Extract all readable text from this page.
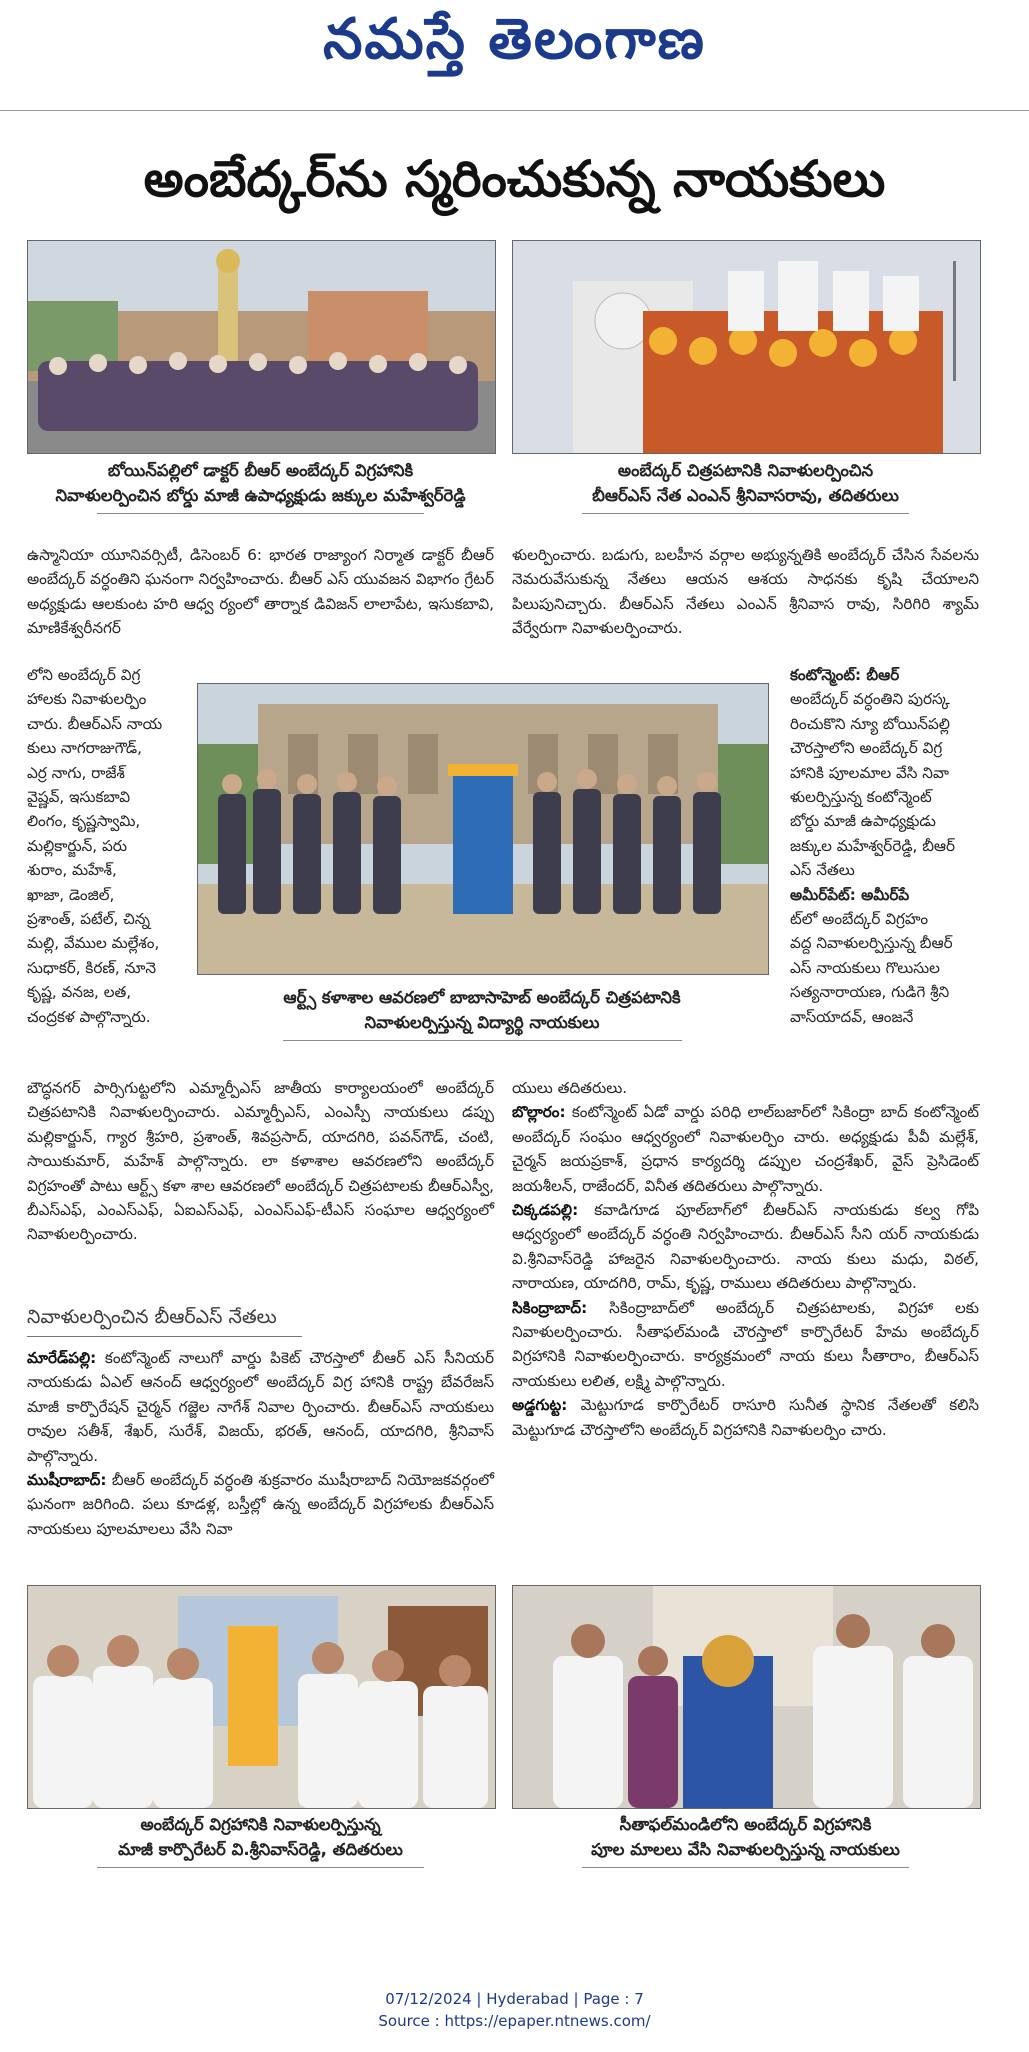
నమస్తే తెలంగాణ
అంబేద్కర్‌ను స్మరించుకున్న నాయకులు
బోయిన్‌పల్లిలో డాక్టర్ బీఆర్ అంబేద్కర్ విగ్రహానికి
నివాళులర్పించిన బోర్డు మాజీ ఉపాధ్యక్షుడు జక్కుల మహేశ్వర్‌రెడ్డి
అంబేద్కర్ చిత్రపటానికి నివాళులర్పించిన
బీఆర్‌ఎస్ నేత ఎంఎన్ శ్రీనివాసరావు, తదితరులు

ఉస్మానియా యూనివర్సిటీ, డిసెంబర్ 6: భారత రాజ్యాంగ నిర్మాత డాక్టర్ బీఆర్ అంబేద్కర్ వర్ధంతిని ఘనంగా నిర్వహించారు. బీఆర్ ఎస్ యువజన విభాగం గ్రేటర్ అధ్యక్షుడు ఆలకుంట హరి ఆధ్వ ర్యంలో తార్నాక డివిజన్ లాలాపేట, ఇసుకబావి, మాణికేశ్వరీనగర్

ళులర్పించారు. బడుగు, బలహీన వర్గాల అభ్యున్నతికి అంబేద్కర్ చేసిన సేవలను నెమరువేసుకున్న నేతలు ఆయన ఆశయ సాధనకు కృషి చేయాలని పిలుపునిచ్చారు. బీఆర్‌ఎస్ నేతలు ఎంఎన్ శ్రీనివాస రావు, సిరిగిరి శ్యామ్ వేర్వేరుగా నివాళులర్పించారు.

లోని అంబేద్కర్ విగ్ర
హాలకు నివాళులర్పిం
చారు. బీఆర్‌ఎస్ నాయ
కులు నాగరాజుగౌడ్,
ఎర్ర నాగు, రాజేశ్
వైష్ణవ్, ఇసుకబావి
లింగం, కృష్ణస్వామి,
మల్లికార్జున్, పరు
శురాం, మహేశ్,
ఖాజా, డెంజిల్,
ప్రశాంత్, పటేల్, చిన్న
మల్లి, వేముల మల్లేశం,
సుధాకర్, కిరణ్, నూనె
కృష్ణ, వనజ, లత,
చంద్రకళ పాల్గొన్నారు.
కంటోన్మెంట్: బీఆర్
అంబేద్కర్ వర్ధంతిని పురస్క
రించుకొని న్యూ బోయిన్‌పల్లి
చౌరస్తాలోని అంబేద్కర్ విగ్ర
హానికి పూలమాల వేసి నివా
ళులర్పిస్తున్న కంటోన్మెంట్
బోర్డు మాజీ ఉపాధ్యక్షుడు
జక్కుల మహేశ్వర్‌రెడ్డి, బీఆర్
ఎస్ నేతలు
అమీర్‌పేట్: అమీర్‌పే
ట్‌లో అంబేద్కర్ విగ్రహం
వద్ద నివాళులర్పిస్తున్న బీఆర్
ఎస్ నాయకులు గొలుసుల
సత్యనారాయణ, గుడిగె శ్రీని
వాస్‌యాదవ్, ఆంజనే
ఆర్ట్స్ కళాశాల ఆవరణలో బాబాసాహెబ్ అంబేద్కర్ చిత్రపటానికి
నివాళులర్పిస్తున్న విద్యార్థి నాయకులు

బౌద్ధనగర్ పార్సిగుట్టలోని ఎమ్మార్పీఎస్ జాతీయ కార్యాలయంలో అంబేద్కర్ చిత్రపటానికి నివాళులర్పించారు. ఎమ్మార్పీఎస్, ఎంఎస్పీ నాయకులు డప్పు మల్లికార్జున్, గ్యార శ్రీహరి, ప్రశాంత్, శివప్రసాద్, యాదగిరి, పవన్‌గౌడ్, చంటి, సాయికుమార్, మహేశ్ పాల్గొన్నారు. లా కళాశాల ఆవరణలోని అంబేద్కర్ విగ్రహంతో పాటు ఆర్ట్స్ కళా శాల ఆవరణలో అంబేద్కర్ చిత్రపటాలకు బీఆర్‌ఎస్వీ, బీఎస్‌ఎఫ్, ఎంఎస్‌ఎఫ్, ఏఐఎస్‌ఎఫ్, ఎంఎస్‌ఎఫ్-టీఎస్ సంఘాల ఆధ్వర్యంలో నివాళులర్పించారు.

యులు తదితరులు.

బొల్లారం: కంటోన్మెంట్ ఏడో వార్డు పరిధి లాల్‌బజార్‌లో సికింద్రా బాద్ కంటోన్మెంట్ అంబేద్కర్ సంఘం ఆధ్వర్యంలో నివాళులర్పిం చారు. అధ్యక్షుడు పీవీ మల్లేశ్, చైర్మన్ జయప్రకాశ్, ప్రధాన కార్యదర్శి డప్పుల చంద్రశేఖర్, వైస్ ప్రెసిడెంట్ జయశీలన్, రాజేందర్, వినీత తదితరులు పాల్గొన్నారు.

చిక్కడపల్లి: కవాడిగూడ పూల్‌బాగ్‌లో బీఆర్‌ఎస్ నాయకుడు కల్వ గోపి ఆధ్వర్యంలో అంబేద్కర్ వర్ధంతి నిర్వహించారు. బీఆర్‌ఎస్ సీని యర్ నాయకుడు వి.శ్రీనివాస్‌రెడ్డి హాజరైన నివాళులర్పించారు. నాయ కులు మధు, విఠల్, నారాయణ, యాదగిరి, రామ్, కృష్ణ, రాములు తదితరులు పాల్గొన్నారు.

సికింద్రాబాద్: సికింద్రాబాద్‌లో అంబేద్కర్ చిత్రపటాలకు, విగ్రహా లకు నివాళులర్పించారు. సీతాఫల్‌మండి చౌరస్తాలో కార్పొరేటర్ హేమ అంబేద్కర్ విగ్రహానికి నివాళులర్పించారు. కార్యక్రమంలో నాయ కులు సీతారాం, బీఆర్‌ఎస్ నాయకులు లలిత, లక్ష్మి పాల్గొన్నారు.

అడ్డగుట్ట: మెట్టుగూడ కార్పొరేటర్ రాసూరి సునీత స్థానిక నేతలతో కలిసి మెట్టుగూడ చౌరస్తాలోని అంబేద్కర్ విగ్రహానికి నివాళులర్పిం చారు.

నివాళులర్పించిన బీఆర్‌ఎస్ నేతలు

మారేడ్‌పల్లి: కంటోన్మెంట్ నాలుగో వార్డు పికెట్ చౌరస్తాలో బీఆర్ ఎస్ సీనియర్ నాయకుడు ఏఎల్ ఆనంద్ ఆధ్వర్యంలో అంబేద్కర్ విగ్ర హానికి రాష్ట్ర బేవరేజస్ మాజీ కార్పొరేషన్ చైర్మన్ గజ్జెల నాగేశ్ నివాల ర్పించారు. బీఆర్‌ఎస్ నాయకులు రావుల సతీశ్, శేఖర్, సురేశ్, విజయ్, భరత్, ఆనంద్, యాదగిరి, శ్రీనివాస్ పాల్గొన్నారు.

ముషీరాబాద్: బీఆర్ అంబేద్కర్ వర్ధంతి శుక్రవారం ముషీరాబాద్ నియోజకవర్గంలో ఘనంగా జరిగింది. పలు కూడళ్ల, బస్తీల్లో ఉన్న అంబేద్కర్ విగ్రహాలకు బీఆర్‌ఎస్ నాయకులు పూలమాలలు వేసి నివా

అంబేద్కర్ విగ్రహానికి నివాళులర్పిస్తున్న
మాజీ కార్పొరేటర్ వి.శ్రీనివాస్‌రెడ్డి, తదితరులు
సీతాఫల్‌మండిలోని అంబేద్కర్ విగ్రహానికి
పూల మాలలు వేసి నివాళులర్పిస్తున్న నాయకులు
07/12/2024 | Hyderabad | Page : 7
Source : https://epaper.ntnews.com/
